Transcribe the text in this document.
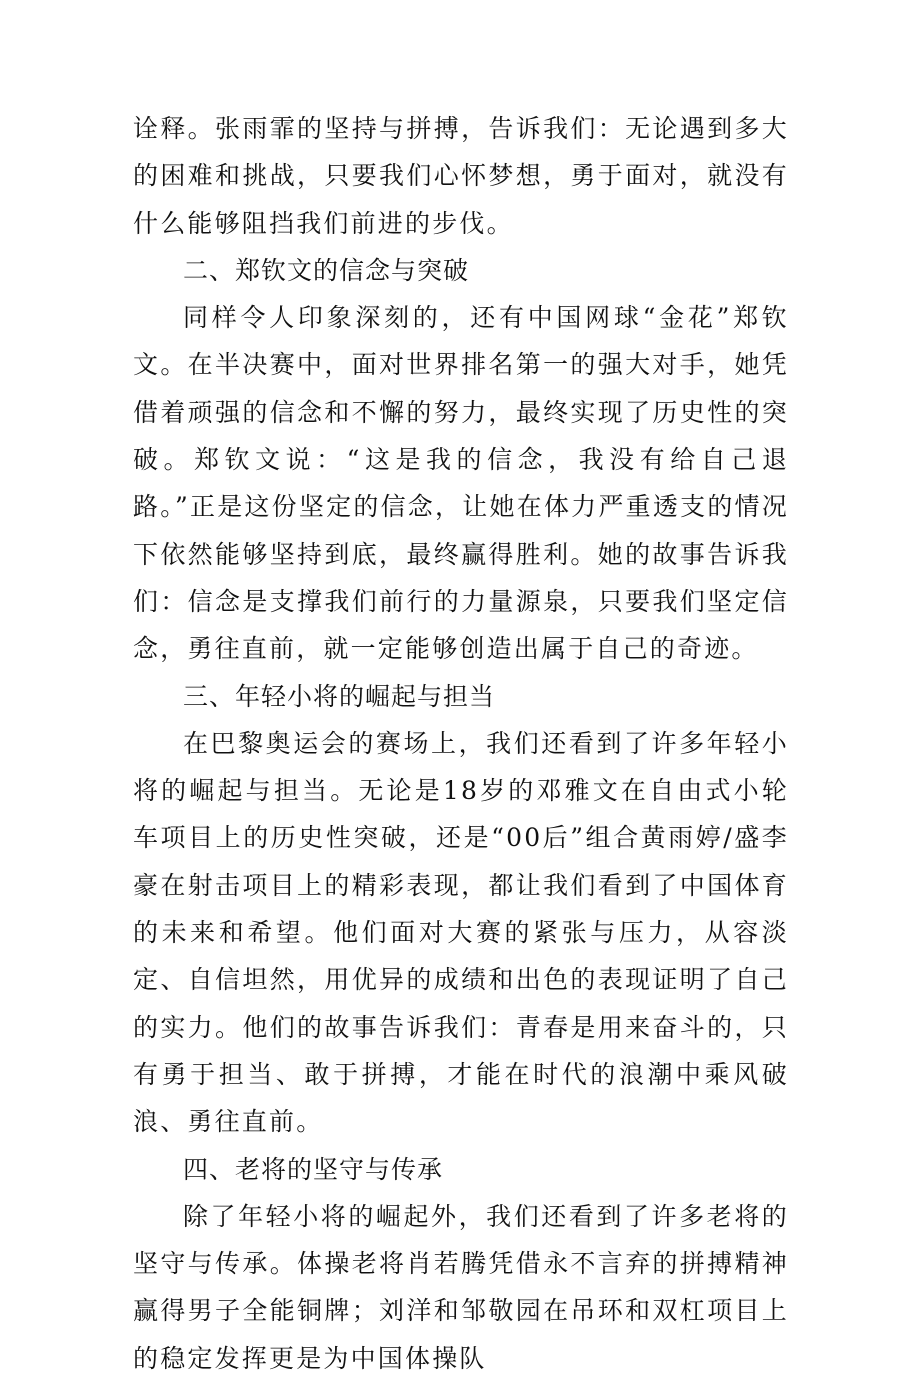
诠释。张雨霏的坚持与拼搏，告诉我们：无论遇到多大的困难和挑战，只要我们心怀梦想，勇于面对，就没有什么能够阻挡我们前进的步伐。

二、郑钦文的信念与突破

同样令人印象深刻的，还有中国网球“金花”郑钦文。在半决赛中，面对世界排名第一的强大对手，她凭借着顽强的信念和不懈的努力，最终实现了历史性的突破。郑钦文说：“这是我的信念，我没有给自己退路。”正是这份坚定的信念，让她在体力严重透支的情况下依然能够坚持到底，最终赢得胜利。她的故事告诉我们：信念是支撑我们前行的力量源泉，只要我们坚定信念，勇往直前，就一定能够创造出属于自己的奇迹。

三、年轻小将的崛起与担当

在巴黎奥运会的赛场上，我们还看到了许多年轻小将的崛起与担当。无论是18岁的邓雅文在自由式小轮车项目上的历史性突破，还是“00后”组合黄雨婷/盛李豪在射击项目上的精彩表现，都让我们看到了中国体育的未来和希望。他们面对大赛的紧张与压力，从容淡定、自信坦然，用优异的成绩和出色的表现证明了自己的实力。他们的故事告诉我们：青春是用来奋斗的，只有勇于担当、敢于拼搏，才能在时代的浪潮中乘风破浪、勇往直前。

四、老将的坚守与传承

除了年轻小将的崛起外，我们还看到了许多老将的坚守与传承。体操老将肖若腾凭借永不言弃的拼搏精神赢得男子全能铜牌；刘洋和邹敬园在吊环和双杠项目上的稳定发挥更是为中国体操队
